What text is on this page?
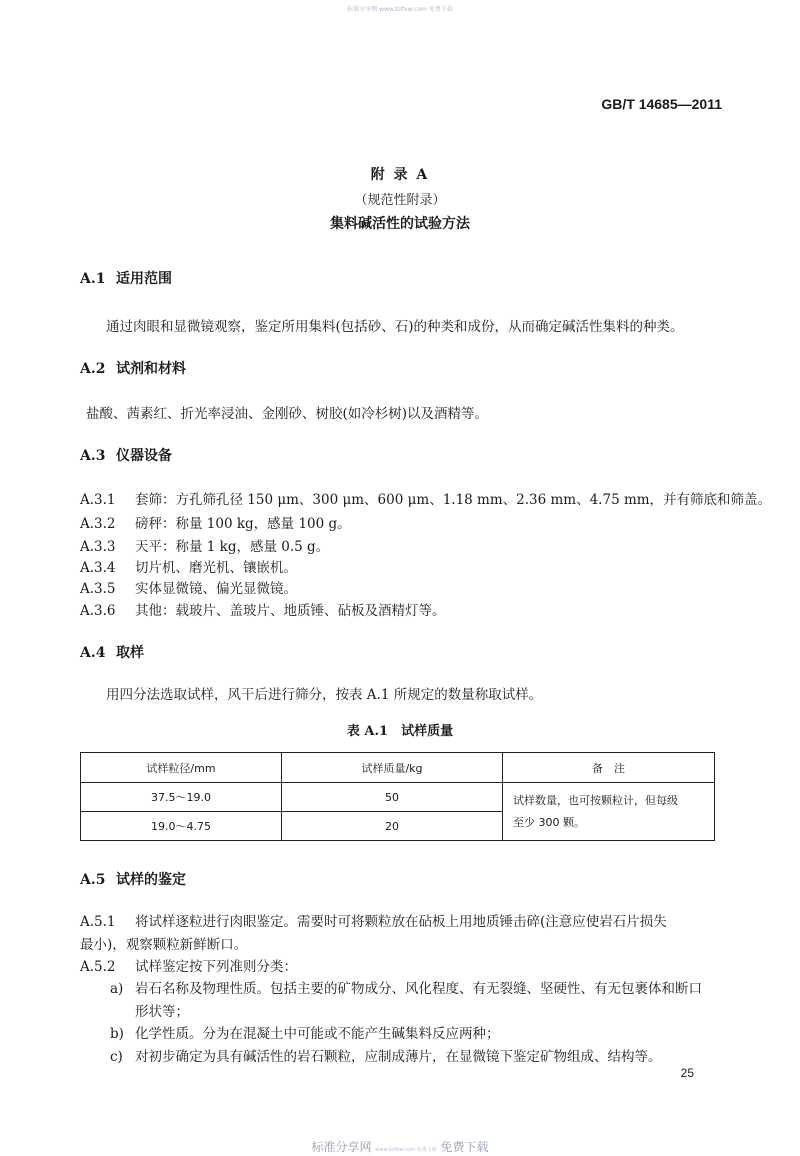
标准分享网 www.bzfxw.com 免费下载
GB/T 14685—2011
附 录 A
（规范性附录）
集料碱活性的试验方法
A.1 适用范围
通过肉眼和显微镜观察，鉴定所用集料(包括砂、石)的种类和成份，从而确定碱活性集料的种类。
A.2 试剂和材料
盐酸、茜素红、折光率浸油、金刚砂、树胶(如冷杉树)以及酒精等。
A.3 仪器设备
A.3.1 套筛：方孔筛孔径 150 μm、300 μm、600 μm、1.18 mm、2.36 mm、4.75 mm，并有筛底和筛盖。
A.3.2 磅秤：称量 100 kg，感量 100 g。
A.3.3 天平：称量 1 kg，感量 0.5 g。
A.3.4 切片机、磨光机、镶嵌机。
A.3.5 实体显微镜、偏光显微镜。
A.3.6 其他：载玻片、盖玻片、地质锤、砧板及酒精灯等。
A.4 取样
用四分法选取试样，风干后进行筛分，按表 A.1 所规定的数量称取试样。
表 A.1　试样质量
试样粒径/mm	试样质量/kg	备　注
37.5～19.0	50	试样数量，也可按颗粒计，但每级
至少 300 颗。

19.0～4.75	20	
A.5 试样的鉴定
A.5.1 将试样逐粒进行肉眼鉴定。需要时可将颗粒放在砧板上用地质锤击碎(注意应使岩石片损失
最小)，观察颗粒新鲜断口。
A.5.2 试样鉴定按下列准则分类：
a) 岩石名称及物理性质。包括主要的矿物成分、风化程度、有无裂缝、坚硬性、有无包裹体和断口
形状等；
b) 化学性质。分为在混凝土中可能或不能产生碱集料反应两种；
c) 对初步确定为具有碱活性的岩石颗粒，应制成薄片，在显微镜下鉴定矿物组成、结构等。
25
标准分享网 www.bzfxw.com 免费下载 免费下载
